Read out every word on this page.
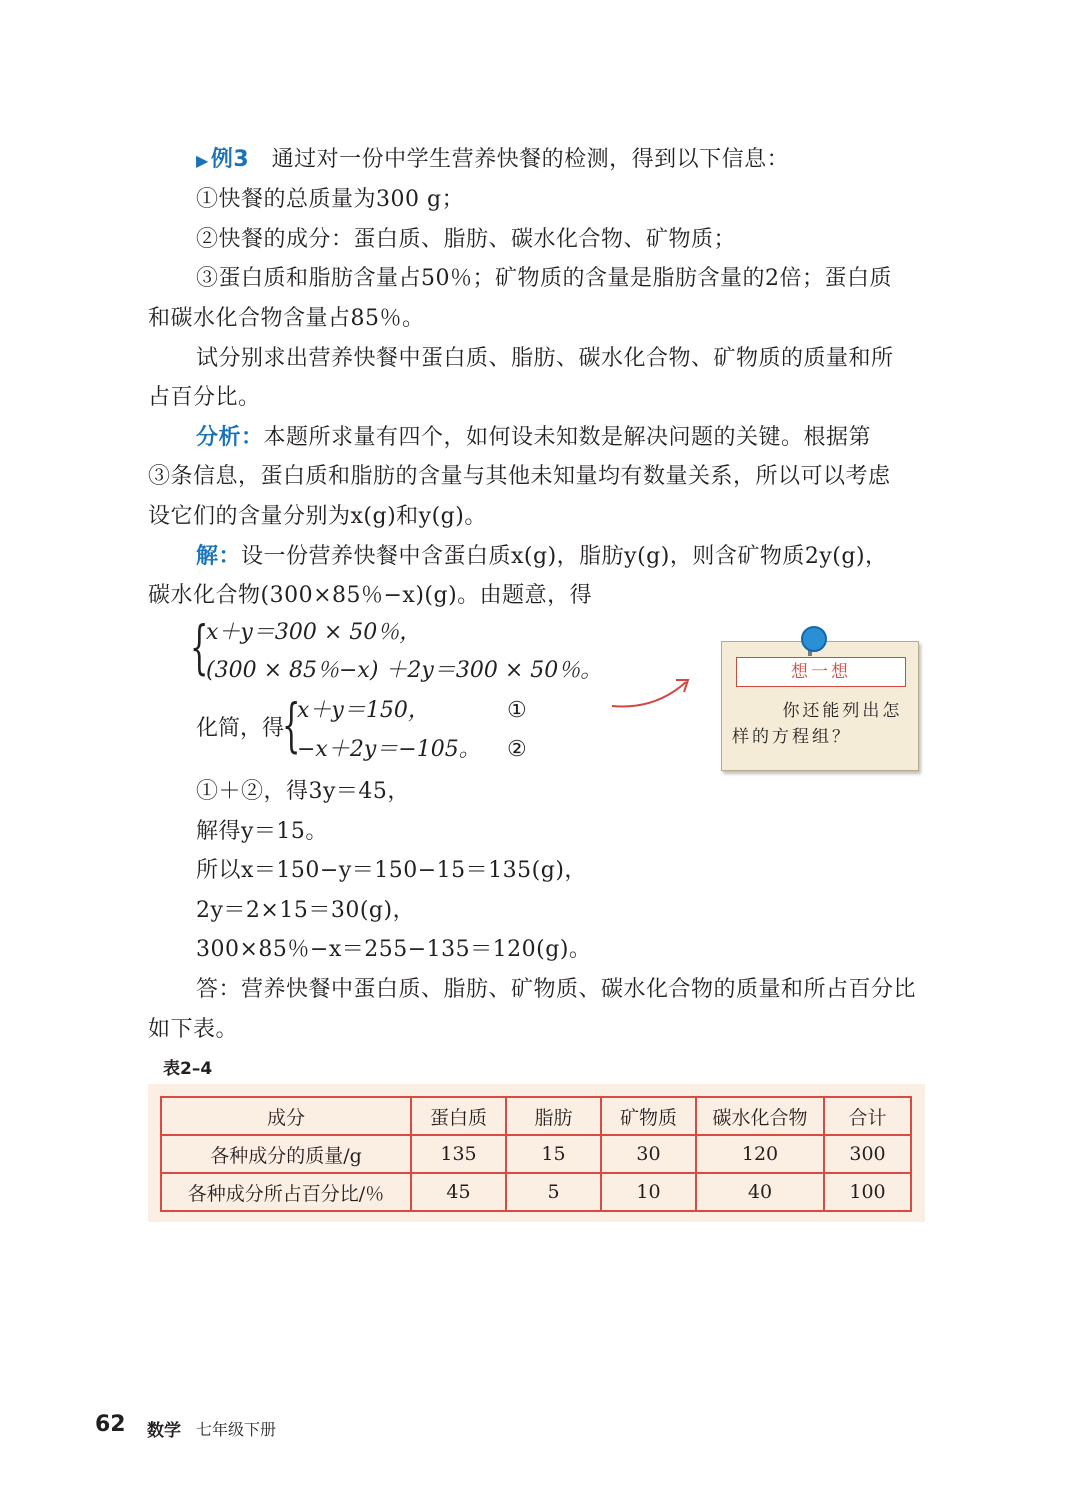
▶例3 通过对一份中学生营养快餐的检测，得到以下信息：
①快餐的总质量为300 g；
②快餐的成分：蛋白质、脂肪、碳水化合物、矿物质；
③蛋白质和脂肪含量占50％；矿物质的含量是脂肪含量的2倍；蛋白质
和碳水化合物含量占85％。
试分别求出营养快餐中蛋白质、脂肪、碳水化合物、矿物质的质量和所
占百分比。
分析：本题所求量有四个，如何设未知数是解决问题的关键。根据第
③条信息，蛋白质和脂肪的含量与其他未知量均有数量关系，所以可以考虑
设它们的含量分别为x(g)和y(g)。
解：设一份营养快餐中含蛋白质x(g)，脂肪y(g)，则含矿物质2y(g)，
碳水化合物(300×85％−x)(g)。由题意，得
{
x＋y＝300 × 50％，
(300 × 85％−x) ＋2y＝300 × 50％。
化简，得
{
x＋y＝150，
−x＋2y＝−105。
①
②
想一想
你还能列出怎样的方程组？
①＋②，得3y＝45，
解得y＝15。
所以x＝150−y＝150−15＝135(g)，
2y＝2×15＝30(g)，
300×85％−x＝255−135＝120(g)。
答：营养快餐中蛋白质、脂肪、矿物质、碳水化合物的质量和所占百分比
如下表。
表2–4
成分	蛋白质	脂肪	矿物质	碳水化合物	合计
各种成分的质量/g	135	15	30	120	300
各种成分所占百分比/％	45	5	10	40	100
62 数学 七年级下册
